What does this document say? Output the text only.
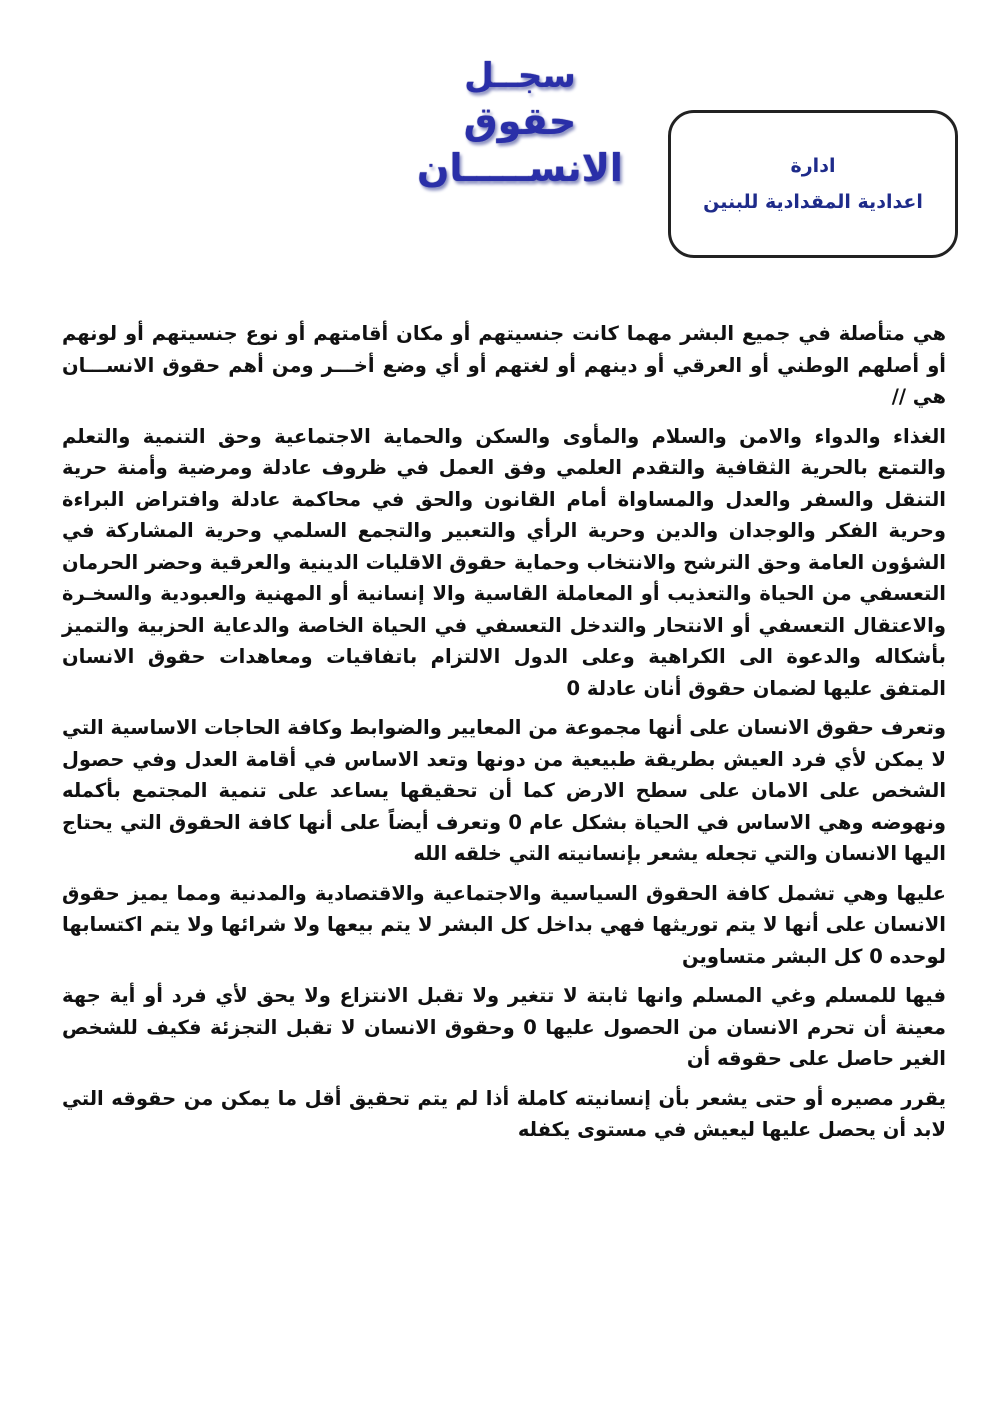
سجــل
حقوق الانســـــان	ادارة
اعدادية المقدادية للبنين

هي متأصلة في جميع البشر مهما كانت جنسيتهم أو مكان أقامتهم أو نوع جنسيتهم أو لونهم أو أصلهم الوطني أو العرقي أو دينهم أو لغتهم أو أي وضع أخـــر ومن أهم حقوق الانســـان هي //

الغذاء والدواء والامن والسلام والمأوى والسكن والحماية الاجتماعية وحق التنمية والتعلم والتمتع بالحرية الثقافية والتقدم العلمي وفق العمل في ظروف عادلة ومرضية وأمنة حرية التنقل والسفر والعدل والمساواة أمام القانون والحق في محاكمة عادلة وافتراض البراءة وحرية الفكر والوجدان والدين وحرية الرأي والتعبير والتجمع السلمي وحرية المشاركة في الشؤون العامة وحق الترشح والانتخاب وحماية حقوق الاقليات الدينية والعرقية وحضر الحرمان التعسفي من الحياة والتعذيب أو المعاملة القاسية والا إنسانية أو المهنية والعبودية والسخـرة والاعتقال التعسفي أو الانتحار والتدخل التعسفي في الحياة الخاصة والدعاية الحزبية والتميز بأشكاله والدعوة الى الكراهية وعلى الدول الالتزام باتفاقيات ومعاهدات حقوق الانسان المتفق عليها لضمان حقوق أنان عادلة 0

وتعرف حقوق الانسان على أنها مجموعة من المعايير والضوابط وكافة الحاجات الاساسية التي لا يمكن لأي فرد العيش بطريقة طبيعية من دونها وتعد الاساس في أقامة العدل وفي حصول الشخص على الامان على سطح الارض كما أن تحقيقها يساعد على تنمية المجتمع بأكمله ونهوضه وهي الاساس في الحياة بشكل عام 0 وتعرف أيضاً على أنها كافة الحقوق التي يحتاج اليها الانسان والتي تجعله يشعر بإنسانيته التي خلقه الله

عليها وهي تشمل كافة الحقوق السياسية والاجتماعية والاقتصادية والمدنية ومما يميز حقوق الانسان على أنها لا يتم توريثها فهي بداخل كل البشر لا يتم بيعها ولا شرائها ولا يتم اكتسابها لوحده 0 كل البشر متساوين

فيها للمسلم وغي المسلم وانها ثابتة لا تتغير ولا تقبل الانتزاع ولا يحق لأي فرد أو أية جهة معينة أن تحرم الانسان من الحصول عليها 0 وحقوق الانسان لا تقبل التجزئة فكيف للشخص الغير حاصل على حقوقه أن

يقرر مصيره أو حتى يشعر بأن إنسانيته كاملة أذا لم يتم تحقيق أقل ما يمكن من حقوقه التي لابد أن يحصل عليها ليعيش في مستوى يكفله
